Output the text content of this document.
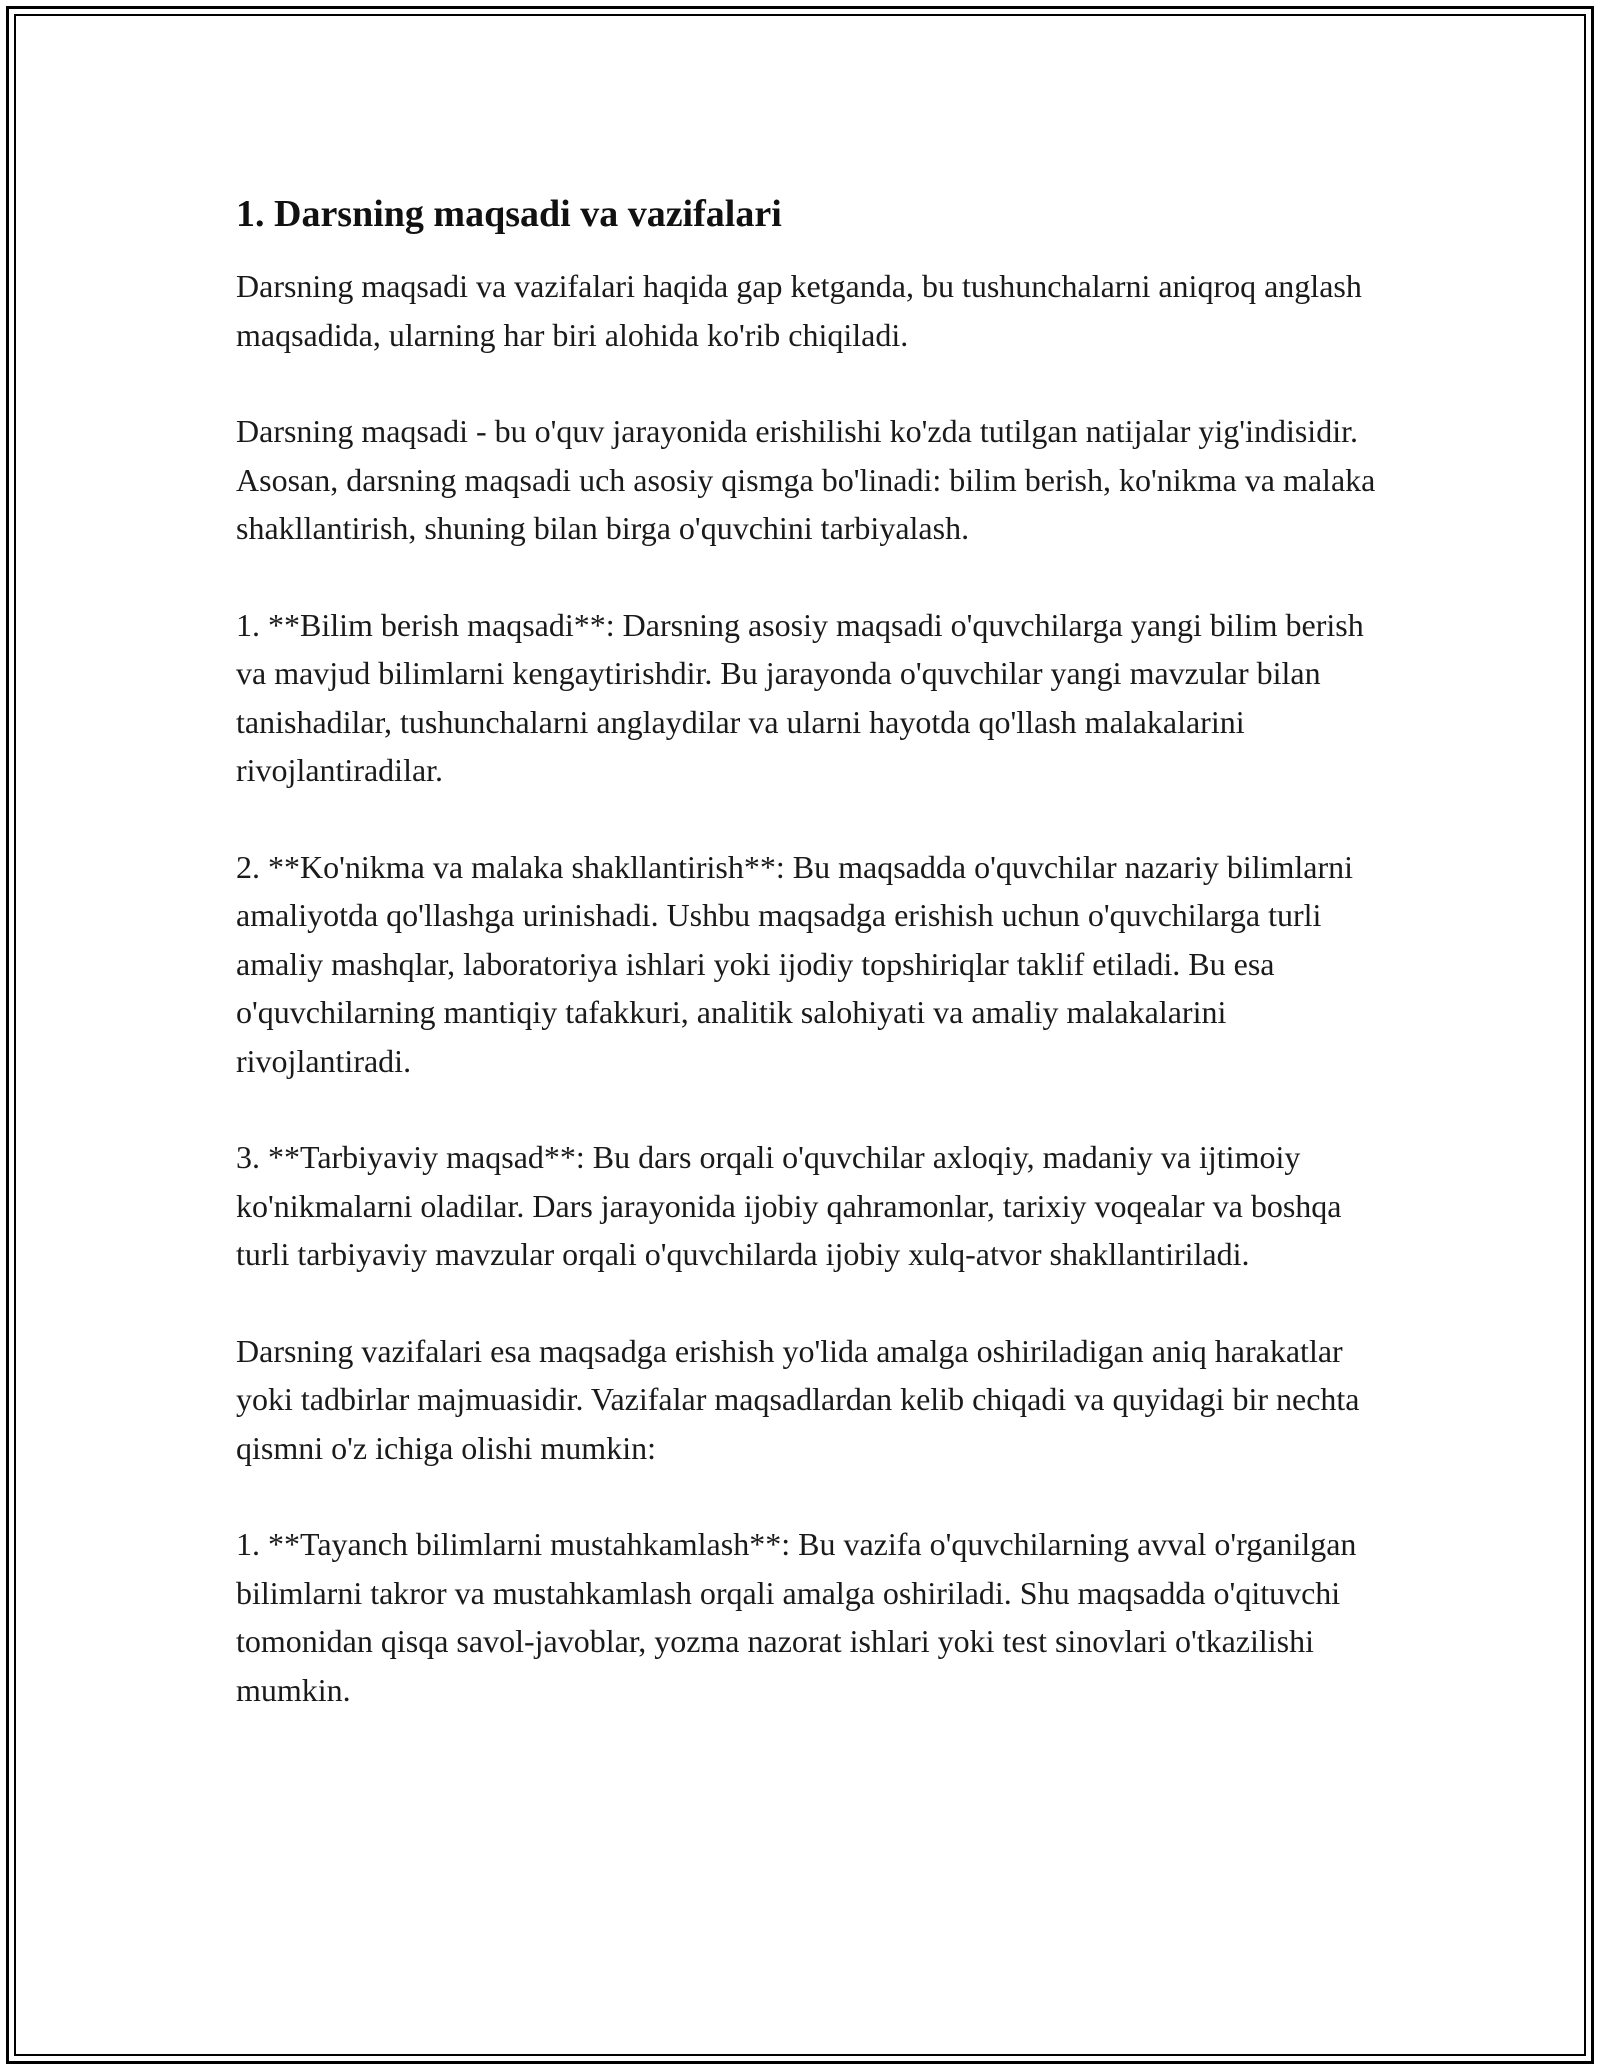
1. Darsning maqsadi va vazifalari

Darsning maqsadi va vazifalari haqida gap ketganda, bu tushunchalarni aniqroq anglash maqsadida, ularning har biri alohida ko'rib chiqiladi.

Darsning maqsadi - bu o'quv jarayonida erishilishi ko'zda tutilgan natijalar yig'indisidir. Asosan, darsning maqsadi uch asosiy qismga bo'linadi: bilim berish, ko'nikma va malaka shakllantirish, shuning bilan birga o'quvchini tarbiyalash.

1. **Bilim berish maqsadi**: Darsning asosiy maqsadi o'quvchilarga yangi bilim berish va mavjud bilimlarni kengaytirishdir. Bu jarayonda o'quvchilar yangi mavzular bilan tanishadilar, tushunchalarni anglaydilar va ularni hayotda qo'llash malakalarini rivojlantiradilar.

2. **Ko'nikma va malaka shakllantirish**: Bu maqsadda o'quvchilar nazariy bilimlarni amaliyotda qo'llashga urinishadi. Ushbu maqsadga erishish uchun o'quvchilarga turli amaliy mashqlar, laboratoriya ishlari yoki ijodiy topshiriqlar taklif etiladi. Bu esa o'quvchilarning mantiqiy tafakkuri, analitik salohiyati va amaliy malakalarini rivojlantiradi.

3. **Tarbiyaviy maqsad**: Bu dars orqali o'quvchilar axloqiy, madaniy va ijtimoiy ko'nikmalarni oladilar. Dars jarayonida ijobiy qahramonlar, tarixiy voqealar va boshqa turli tarbiyaviy mavzular orqali o'quvchilarda ijobiy xulq-atvor shakllantiriladi.

Darsning vazifalari esa maqsadga erishish yo'lida amalga oshiriladigan aniq harakatlar yoki tadbirlar majmuasidir. Vazifalar maqsadlardan kelib chiqadi va quyidagi bir nechta qismni o'z ichiga olishi mumkin:

1. **Tayanch bilimlarni mustahkamlash**: Bu vazifa o'quvchilarning avval o'rganilgan bilimlarni takror va mustahkamlash orqali amalga oshiriladi. Shu maqsadda o'qituvchi tomonidan qisqa savol-javoblar, yozma nazorat ishlari yoki test sinovlari o'tkazilishi mumkin.
